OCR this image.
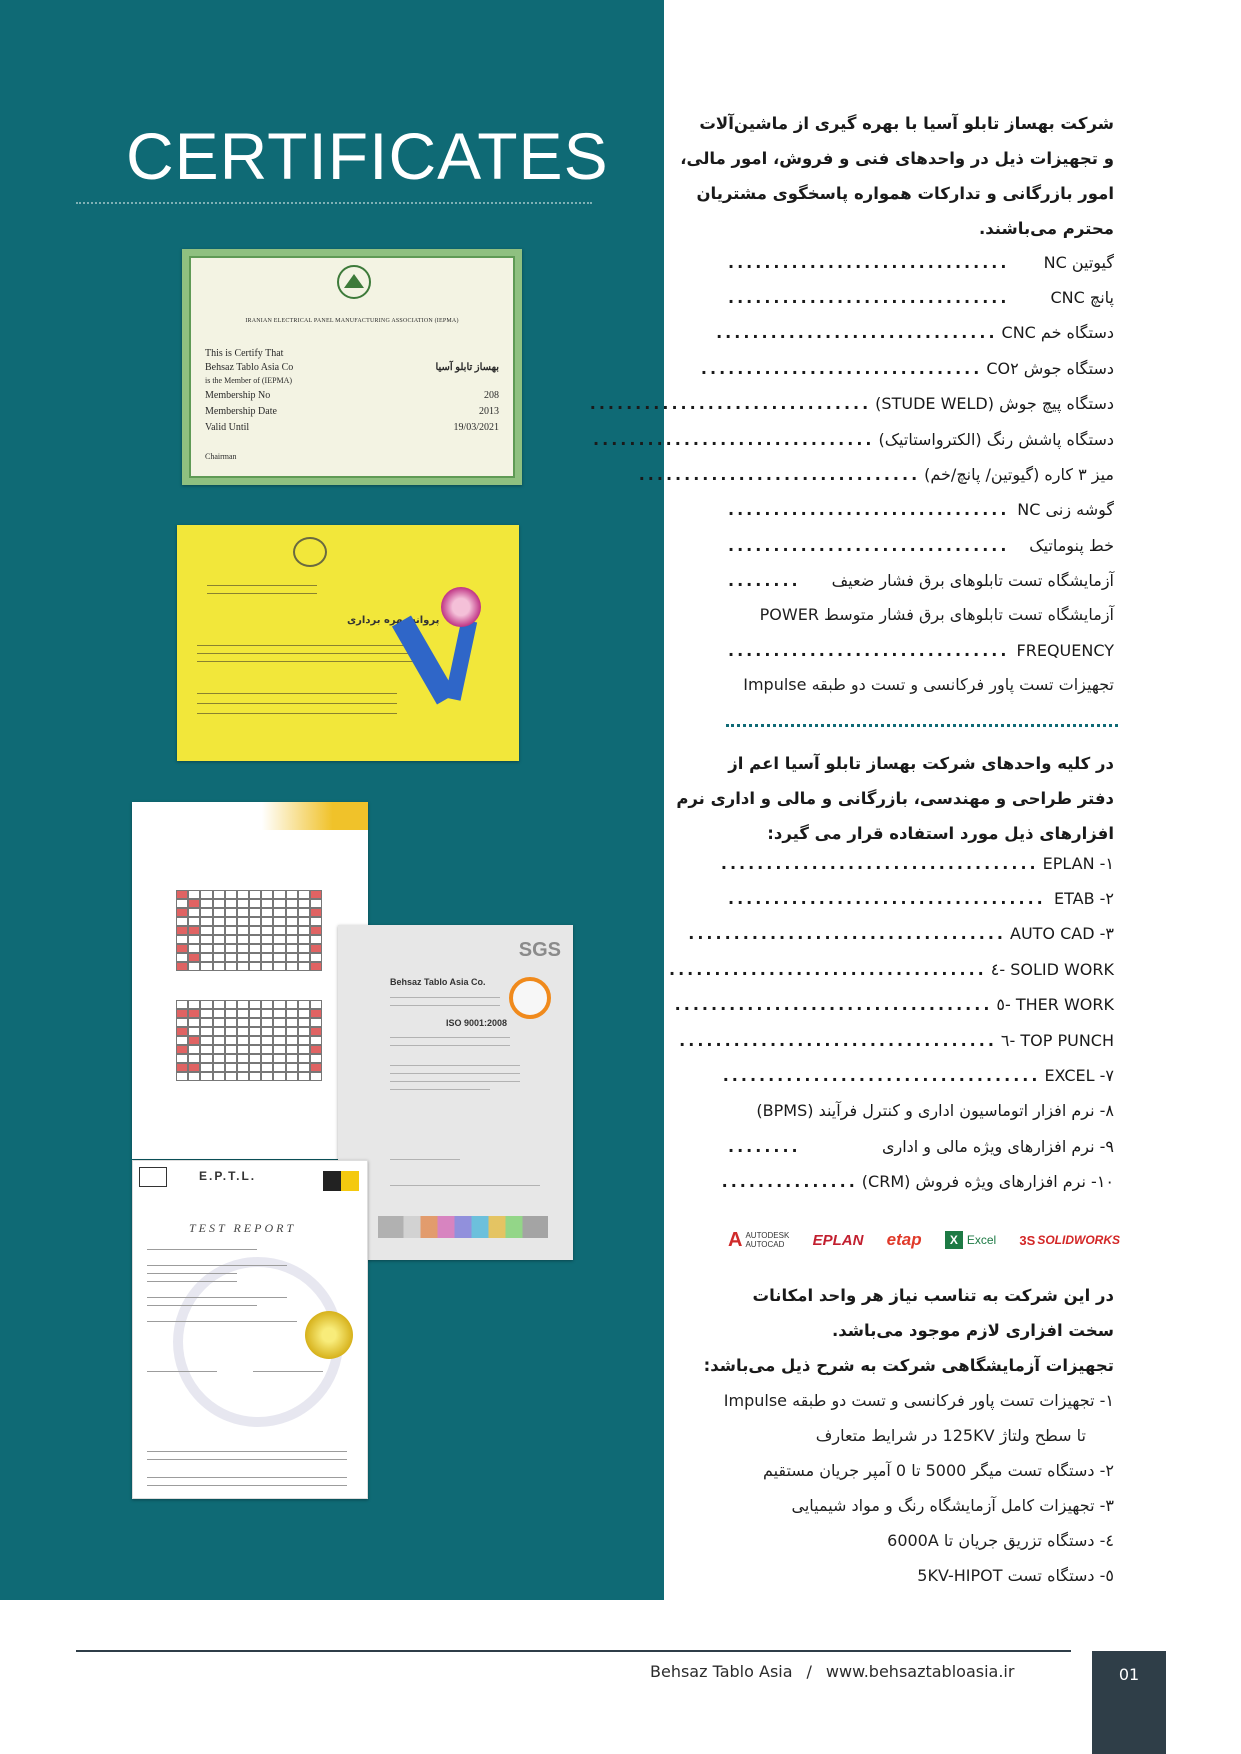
CERTIFICATES
IRANIAN ELECTRICAL PANEL MANUFACTURING ASSOCIATION (IEPMA)
This is Certify That
Behsaz Tablo Asia Co	بهساز تابلو آسیا
is the Member of (IEPMA)
Membership No	208
Membership Date	2013
Valid Until	19/03/2021
Chairman
پروانه بهره برداری
SGS
Behsaz Tablo Asia Co.
ISO 9001:2008
E.P.T.L.
TEST REPORT
شرکت بهساز تابلو آسیا با بهره گیری از ماشین‌آلات
و تجهیزات ذیل در واحدهای فنی و فروش، امور مالی،
امور بازرگانی و تدارکات همواره پاسخگوی مشتریان
محترم می‌باشند.
گیوتین NC
...............................
پانچ CNC
...............................
دستگاه خم CNC
...............................
دستگاه جوش CO۲
...............................
دستگاه پیچ جوش (STUDE WELD)
...............................
دستگاه پاشش رنگ (الکترواستاتیک)
...............................
میز ۳ کاره (گیوتین/ پانچ/خم)
...............................
گوشه زنی NC
...............................
خط پنوماتیک
...............................
آزمایشگاه تست تابلوهای برق فشار ضعیف
........
آزمایشگاه تست تابلوهای برق فشار متوسط POWER
FREQUENCY
...............................
تجهیزات تست پاور فرکانسی و تست دو طبقه Impulse
در کلیه واحدهای شرکت بهساز تابلو آسیا اعم از
دفتر طراحی و مهندسی، بازرگانی و مالی و اداری نرم
افزارهای ذیل مورد استفاده قرار می گیرد:
EPLAN -۱
...................................
ETAB -۲
...................................
AUTO CAD -۳
...................................
SOLID WORK -٤
...................................
THER WORK -٥
...................................
TOP PUNCH -٦
...................................
EXCEL -۷
...................................
۸- نرم افزار اتوماسیون اداری و کنترل فرآیند (BPMS)
۹- نرم افزارهای ویژه مالی و اداری
........
۱۰- نرم افزارهای ویژه فروش (CRM)
...............
A AUTODESK
AUTOCAD	EPLAN etap	X Excel 3S SOLIDWORKS
در این شرکت به تناسب نیاز هر واحد امکانات
سخت افزاری لازم موجود می‌باشد.
تجهیزات آزمایشگاهی شرکت به شرح ذیل می‌باشد:
۱- تجهیزات تست پاور فرکانسی و تست دو طبقه Impulse
تا سطح ولتاژ 125KV در شرایط متعارف
۲- دستگاه تست میگر 5000 تا 0 آمپر جریان مستقیم
۳- تجهیزات کامل آزمایشگاه رنگ و مواد شیمیایی
٤- دستگاه تزریق جریان تا 6000A
٥- دستگاه تست 5KV-HIPOT
Behsaz Tablo Asia / www.behsaztabloasia.ir	01
